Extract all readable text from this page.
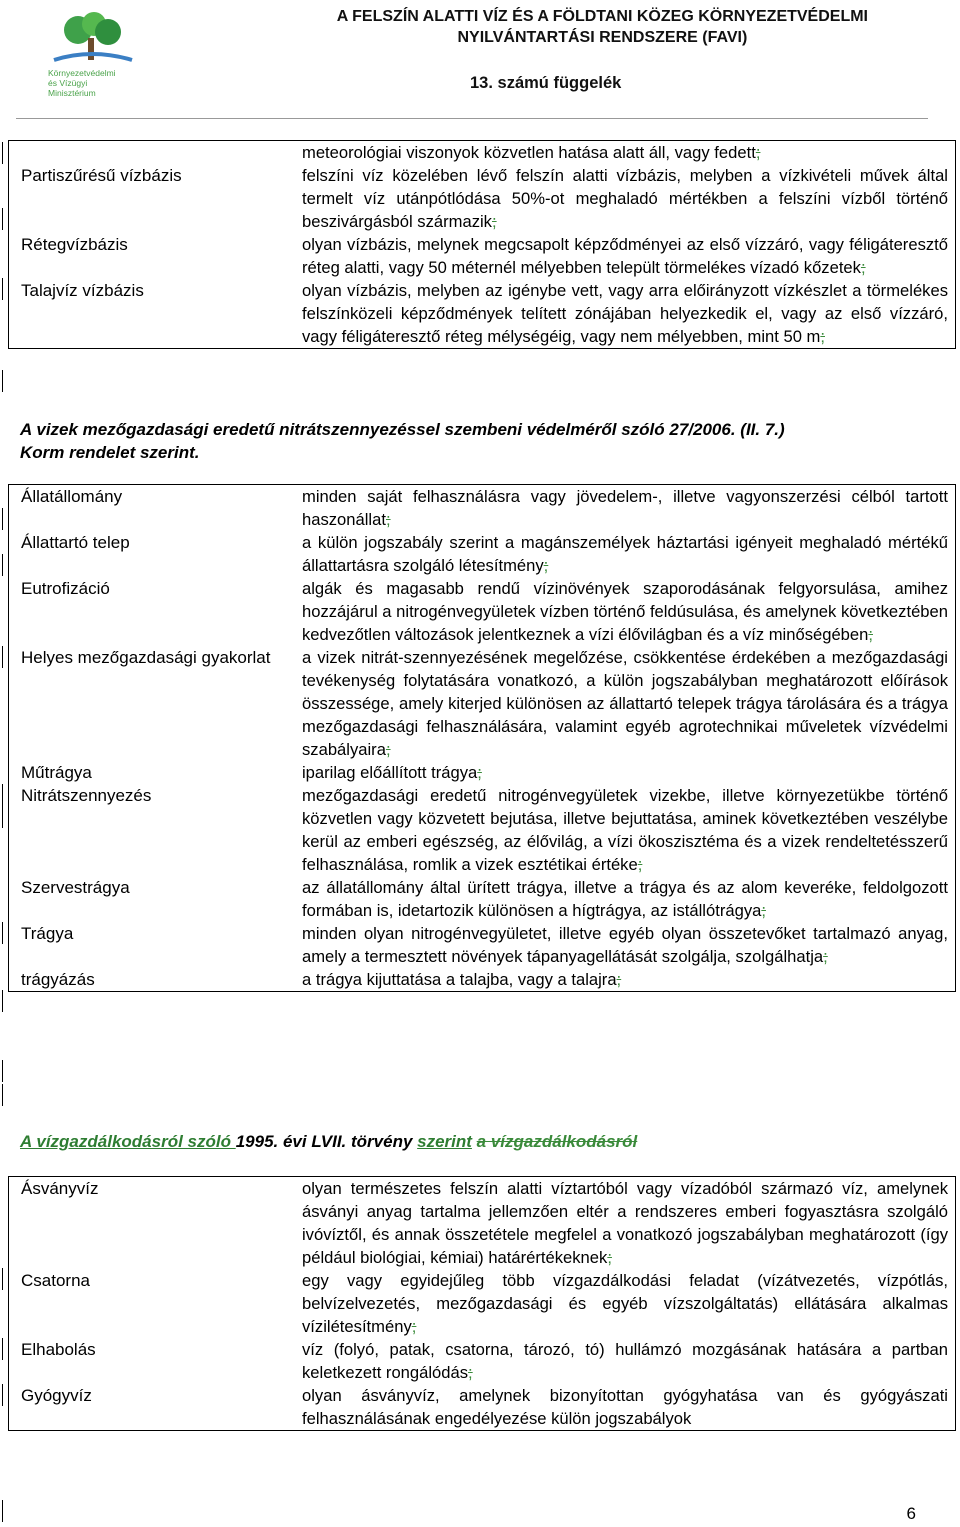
Környezetvédelmi
és Vízügyi
Minisztérium
A FELSZÍN ALATTI VÍZ ÉS A FÖLDTANI KÖZEG KÖRNYEZETVÉDELMI
NYILVÁNTARTÁSI RENDSZERE (FAVI)
13. számú függelék
meteorológiai viszonyok közvetlen hatása alatt áll, vagy fedett;
Partiszűrésű vízbázis	felszíni víz közelében lévő felszín alatti vízbázis, melyben a vízkivételi művek által termelt víz utánpótlódása 50%-ot meghaladó mértékben a felszíni vízből történő beszivárgásból származik;
Rétegvízbázis	olyan vízbázis, melynek megcsapolt képződményei az első vízzáró, vagy féligáteresztő réteg alatti, vagy 50 méternél mélyebben települt törmelékes vízadó kőzetek;
Talajvíz vízbázis	olyan vízbázis, melyben az igénybe vett, vagy arra előirányzott vízkészlet a törmelékes felszínközeli képződmények telített zónájában helyezkedik el, vagy az első vízzáró, vagy féligáteresztő réteg mélységéig, vagy nem mélyebben, mint 50 m;
A vizek mezőgazdasági eredetű nitrátszennyezéssel szembeni védelméről szóló 27/2006. (II. 7.)
Korm rendelet szerint.
Állatállomány	minden saját felhasználásra vagy jövedelem-, illetve vagyonszerzési célból tartott haszonállat;
Állattartó telep	a külön jogszabály szerint a magánszemélyek háztartási igényeit meghaladó mértékű állattartásra szolgáló létesítmény;
Eutrofizáció	algák és magasabb rendű vízinövények szaporodásának felgyorsulása, amihez hozzájárul a nitrogénvegyületek vízben történő feldúsulása, és amelynek következtében kedvezőtlen változások jelentkeznek a vízi élővilágban és a víz minőségében;
Helyes mezőgazdasági gyakorlat	a vizek nitrát-szennyezésének megelőzése, csökkentése érdekében a mezőgazdasági tevékenység folytatására vonatkozó, a külön jogszabályban meghatározott előírások összessége, amely kiterjed különösen az állattartó telepek trágya tárolására és a trágya mezőgazdasági felhasználására, valamint egyéb agrotechnikai műveletek vízvédelmi szabályaira;
Műtrágya	iparilag előállított trágya;
Nitrátszennyezés	mezőgazdasági eredetű nitrogénvegyületek vizekbe, illetve környezetükbe történő közvetlen vagy közvetett bejutása, illetve bejuttatása, aminek következtében veszélybe kerül az emberi egészség, az élővilág, a vízi ökoszisztéma és a vizek rendeltetésszerű felhasználása, romlik a vizek esztétikai értéke;
Szervestrágya	az állatállomány által ürített trágya, illetve a trágya és az alom keveréke, feldolgozott formában is, idetartozik különösen a hígtrágya, az istállótrágya;
Trágya	minden olyan nitrogénvegyületet, illetve egyéb olyan összetevőket tartalmazó anyag, amely a termesztett növények tápanyagellátását szolgálja, szolgálhatja;
trágyázás	a trágya kijuttatása a talajba, vagy a talajra;
A vízgazdálkodásról szóló 1995. évi LVII. törvény szerint a vízgazdálkodásról
Ásványvíz	olyan természetes felszín alatti víztartóból vagy vízadóból származó víz, amelynek ásványi anyag tartalma jellemzően eltér a rendszeres emberi fogyasztásra szolgáló ivóvíztől, és annak összetétele megfelel a vonatkozó jogszabályban meghatározott (így például biológiai, kémiai) határértékeknek;
Csatorna	egy vagy egyidejűleg több vízgazdálkodási feladat (vízátvezetés, vízpótlás, belvízelvezetés, mezőgazdasági és egyéb vízszolgáltatás) ellátására alkalmas vízilétesítmény;
Elhabolás	víz (folyó, patak, csatorna, tározó, tó) hullámzó mozgásának hatására a partban keletkezett rongálódás;
Gyógyvíz	olyan ásványvíz, amelynek bizonyítottan gyógyhatása van és gyógyászati felhasználásának engedélyezése külön jogszabályok
6
